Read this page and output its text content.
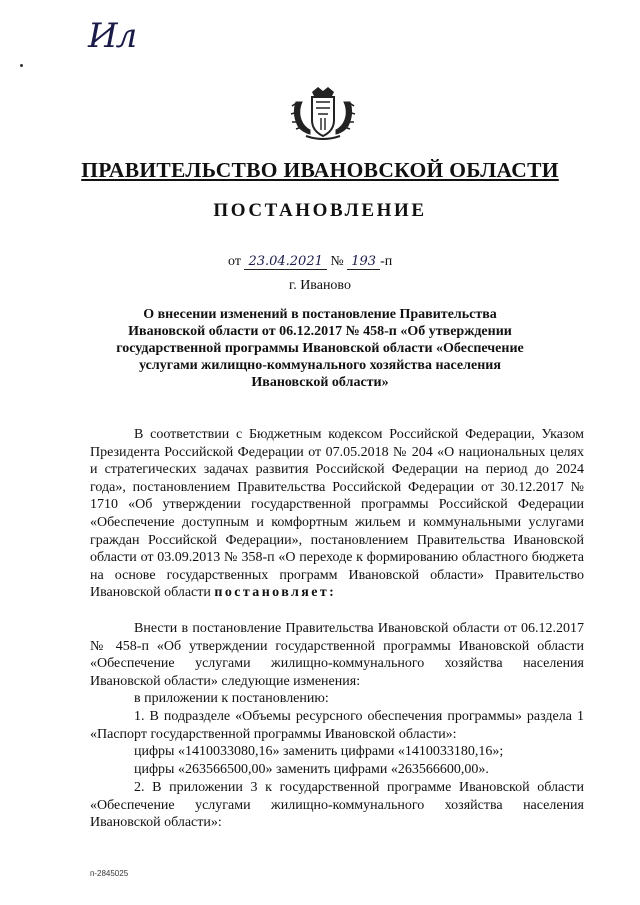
Ил
ПРАВИТЕЛЬСТВО ИВАНОВСКОЙ ОБЛАСТИ
ПОСТАНОВЛЕНИЕ
от 23.04.2021 № 193 -п
г. Иваново
О внесении изменений в постановление Правительства
Ивановской области от 06.12.2017 № 458-п «Об утверждении
государственной программы Ивановской области «Обеспечение
услугами жилищно-коммунального хозяйства населения
Ивановской области»

В соответствии с Бюджетным кодексом Российской Федерации, Указом Президента Российской Федерации от 07.05.2018 № 204 «О национальных целях и стратегических задачах развития Российской Федерации на период до 2024 года», постановлением Правительства Российской Федерации от 30.12.2017 № 1710 «Об утверждении государственной программы Российской Федерации «Обеспечение доступным и комфортным жильем и коммунальными услугами граждан Российской Федерации», постановлением Правительства Ивановской области от 03.09.2013 № 358-п «О переходе к формированию областного бюджета на основе государственных программ Ивановской области» Правительство Ивановской области постановляет:

Внести в постановление Правительства Ивановской области от 06.12.2017 № 458-п «Об утверждении государственной программы Ивановской области «Обеспечение услугами жилищно-коммунального хозяйства населения Ивановской области» следующие изменения:

в приложении к постановлению:

1. В подразделе «Объемы ресурсного обеспечения программы» раздела 1 «Паспорт государственной программы Ивановской области»:

цифры «1410033080,16» заменить цифрами «1410033180,16»;

цифры «263566500,00» заменить цифрами «263566600,00».

2. В приложении 3 к государственной программе Ивановской области «Обеспечение услугами жилищно-коммунального хозяйства населения Ивановской области»:

п-2845025
